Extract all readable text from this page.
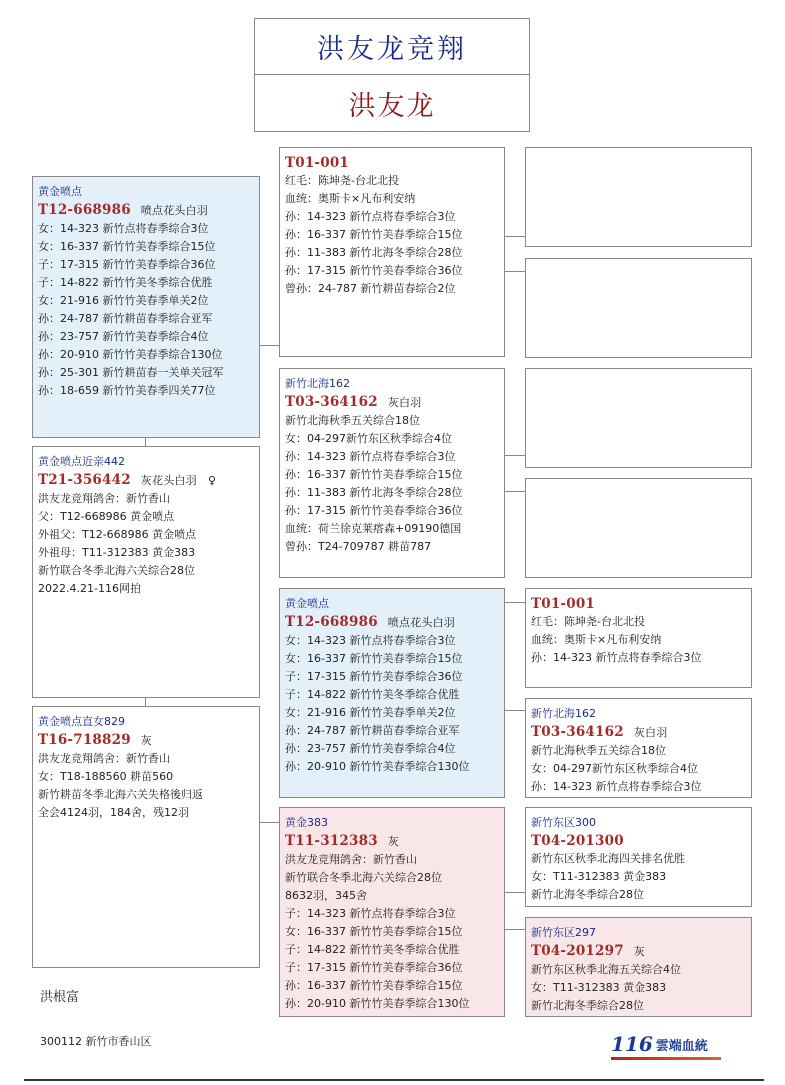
洪友龙竞翔
洪友龙
黄金喷点
T12-668986 喷点花头白羽
女：14-323 新竹点将春季综合3位
女：16-337 新竹竹美春季综合15位
子：17-315 新竹竹美春季综合36位
子：14-822 新竹竹美冬季综合优胜
女：21-916 新竹竹美春季单关2位
孙：24-787 新竹耕苗春季综合亚军
孙：23-757 新竹竹美春季综合4位
孙：20-910 新竹竹美春季综合130位
孙：25-301 新竹耕苗春一关单关冠军
孙：18-659 新竹竹美春季四关77位
黄金喷点近亲442
T21-356442 灰花头白羽　♀
洪友龙竞翔鸽舍：新竹香山
父：T12-668986 黄金喷点
外祖父：T12-668986 黄金喷点
外祖母：T11-312383 黄金383
新竹联合冬季北海六关综合28位
2022.4.21-116网拍
黄金喷点直女829
T16-718829 灰
洪友龙竞翔鸽舍：新竹香山
女：T18-188560 耕苗560
新竹耕苗冬季北海六关失格後归返
全会4124羽，184舍，残12羽
T01-001
红毛：陈坤尧-台北北投
血统：奥斯卡×凡布利安纳
孙：14-323 新竹点将春季综合3位
孙：16-337 新竹竹美春季综合15位
孙：11-383 新竹北海冬季综合28位
孙：17-315 新竹竹美春季综合36位
曾孙：24-787 新竹耕苗春综合2位
新竹北海162
T03-364162 灰白羽
新竹北海秋季五关综合18位
女：04-297新竹东区秋季综合4位
孙：14-323 新竹点将春季综合3位
孙：16-337 新竹竹美春季综合15位
孙：11-383 新竹北海冬季综合28位
孙：17-315 新竹竹美春季综合36位
血统：荷兰徐克莱瘩森+09190德国
曾孙：T24-709787 耕苗787
黄金喷点
T12-668986 喷点花头白羽
女：14-323 新竹点将春季综合3位
女：16-337 新竹竹美春季综合15位
子：17-315 新竹竹美春季综合36位
子：14-822 新竹竹美冬季综合优胜
女：21-916 新竹竹美春季单关2位
孙：24-787 新竹耕苗春季综合亚军
孙：23-757 新竹竹美春季综合4位
孙：20-910 新竹竹美春季综合130位
黄金383
T11-312383 灰
洪友龙竞翔鸽舍：新竹香山
新竹联合冬季北海六关综合28位
8632羽，345舍
子：14-323 新竹点将春季综合3位
女：16-337 新竹竹美春季综合15位
子：14-822 新竹竹美冬季综合优胜
子：17-315 新竹竹美春季综合36位
孙：16-337 新竹竹美春季综合15位
孙：20-910 新竹竹美春季综合130位
T01-001
红毛：陈坤尧-台北北投
血统：奥斯卡×凡布利安纳
孙：14-323 新竹点将春季综合3位
新竹北海162
T03-364162 灰白羽
新竹北海秋季五关综合18位
女：04-297新竹东区秋季综合4位
孙：14-323 新竹点将春季综合3位
新竹东区300
T04-201300
新竹东区秋季北海四关排名优胜
女：T11-312383 黄金383
新竹北海冬季综合28位
新竹东区297
T04-201297 灰
新竹东区秋季北海五关综合4位
女：T11-312383 黄金383
新竹北海冬季综合28位
洪根富
300112 新竹市香山区	116 雲端血統
